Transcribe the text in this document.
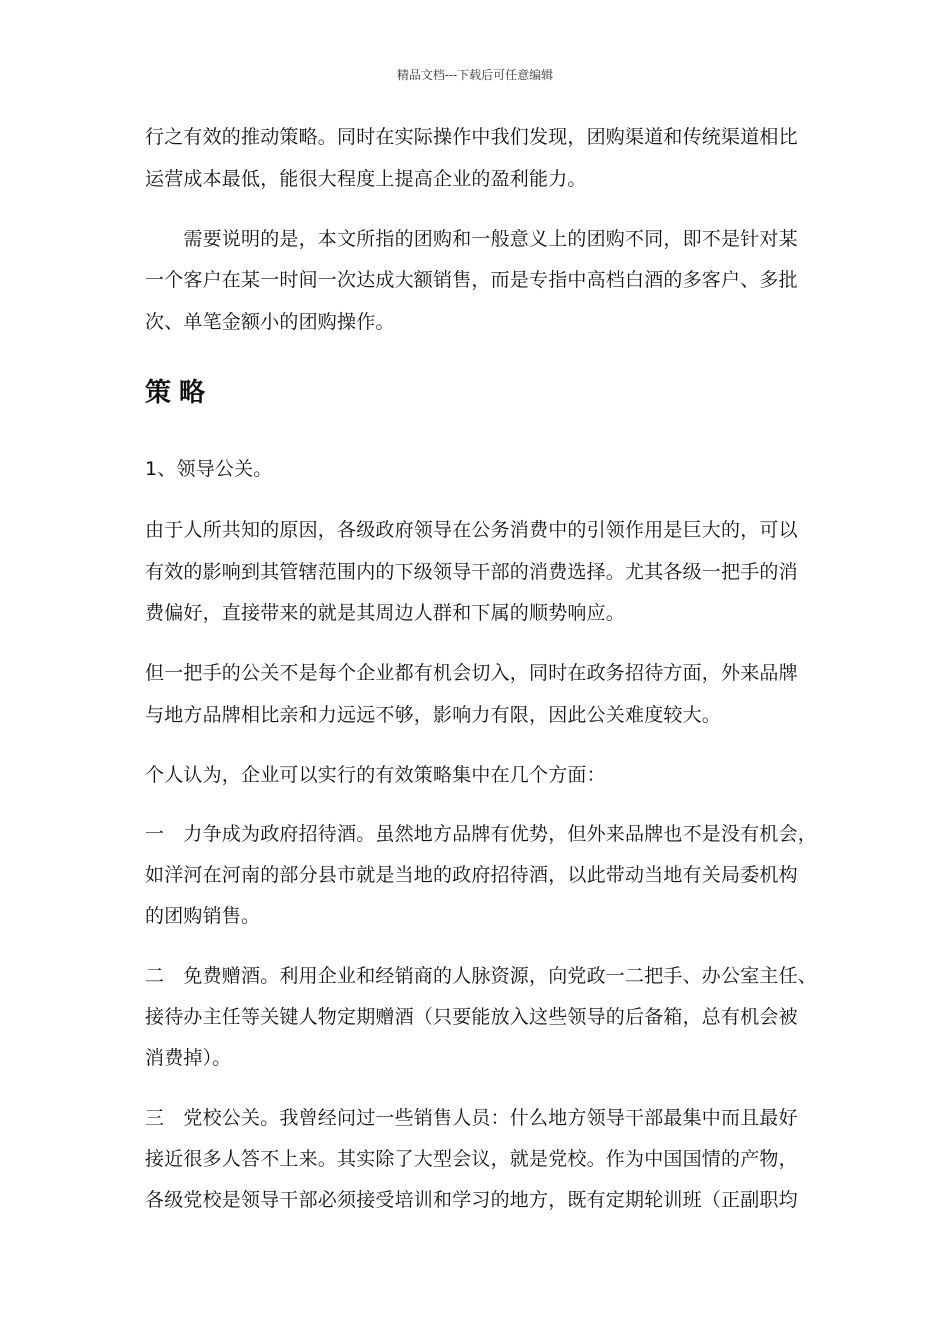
精品文档---下载后可任意编辑
行之有效的推动策略。同时在实际操作中我们发现，团购渠道和传统渠道相比
运营成本最低，能很大程度上提高企业的盈利能力。
　　需要说明的是，本文所指的团购和一般意义上的团购不同，即不是针对某
一个客户在某一时间一次达成大额销售，而是专指中高档白酒的多客户、多批
次、单笔金额小的团购操作。
策略
1、领导公关。
由于人所共知的原因，各级政府领导在公务消费中的引领作用是巨大的，可以
有效的影响到其管辖范围内的下级领导干部的消费选择。尤其各级一把手的消
费偏好，直接带来的就是其周边人群和下属的顺势响应。
但一把手的公关不是每个企业都有机会切入，同时在政务招待方面，外来品牌
与地方品牌相比亲和力远远不够，影响力有限，因此公关难度较大。
个人认为，企业可以实行的有效策略集中在几个方面：
一　力争成为政府招待酒。虽然地方品牌有优势，但外来品牌也不是没有机会，
如洋河在河南的部分县市就是当地的政府招待酒，以此带动当地有关局委机构
的团购销售。
二　免费赠酒。利用企业和经销商的人脉资源，向党政一二把手、办公室主任、
接待办主任等关键人物定期赠酒（只要能放入这些领导的后备箱，总有机会被
消费掉）。
三　党校公关。我曾经问过一些销售人员：什么地方领导干部最集中而且最好
接近很多人答不上来。其实除了大型会议，就是党校。作为中国国情的产物，
各级党校是领导干部必须接受培训和学习的地方，既有定期轮训班（正副职均
